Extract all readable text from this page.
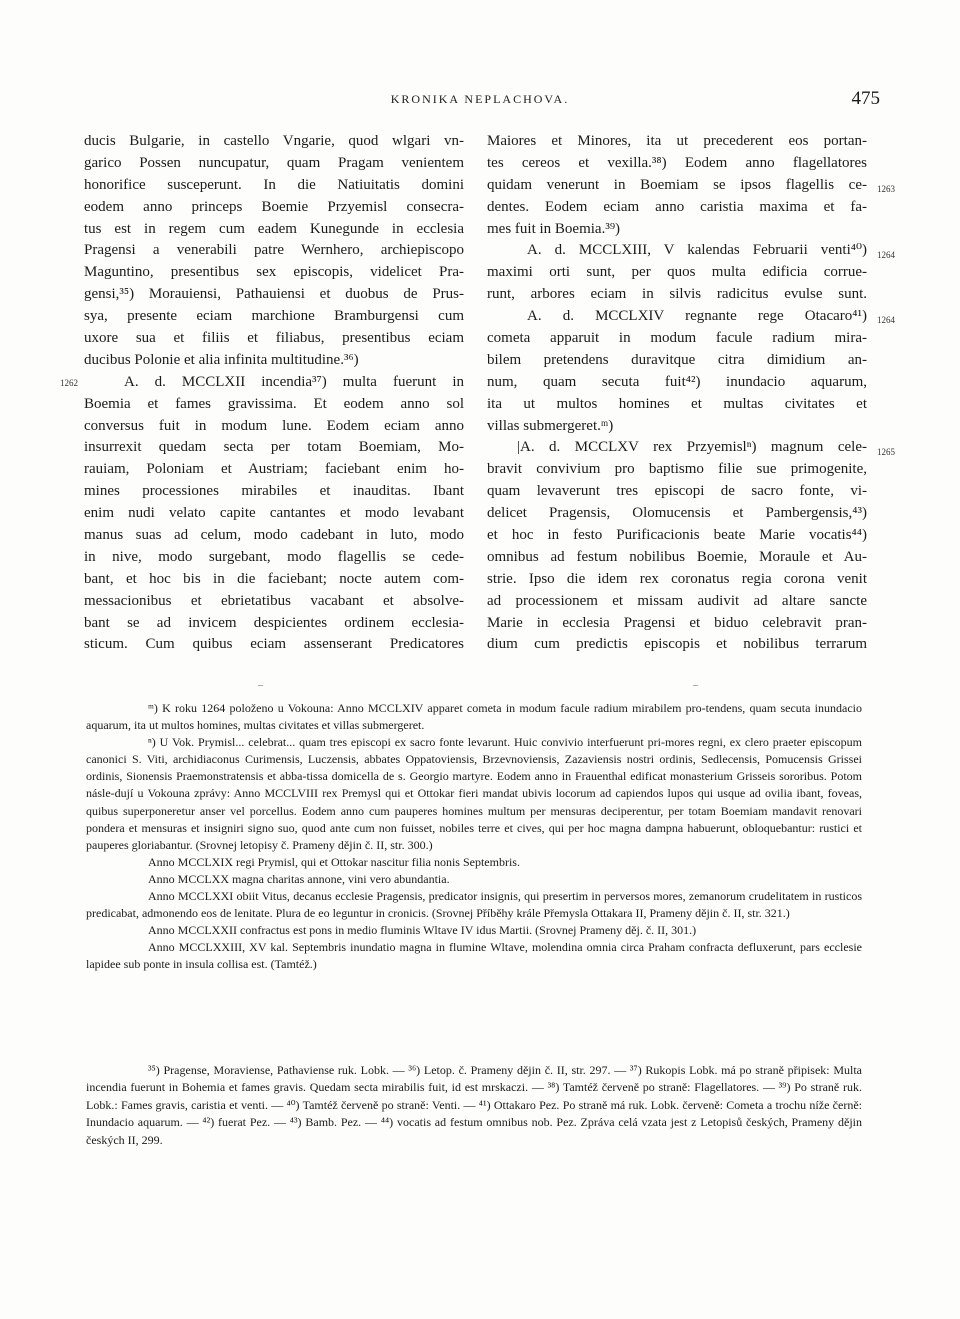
KRONIKA NEPLACHOVA.	475
ducis Bulgarie, in castello Vngarie, quod wlgari vn-
garico Possen nuncupatur, quam Pragam venientem
honorifice susceperunt. In die Natiuitatis domini
eodem anno princeps Boemie Przyemisl consecra-
tus est in regem cum eadem Kunegunde in ecclesia
Pragensi a venerabili patre Wernhero, archiepiscopo
Maguntino, presentibus sex episcopis, videlicet Pra-
gensi,³⁵) Morauiensi, Pathauiensi et duobus de Prus-
sya, presente eciam marchione Bramburgensi cum
uxore sua et filiis et filiabus, presentibus eciam
ducibus Polonie et alia infinita multitudine.³⁶)
A. d. MCCLXII incendia³⁷) multa fuerunt in
Boemia et fames gravissima. Et eodem anno sol
conversus fuit in modum lune. Eodem eciam anno
insurrexit quedam secta per totam Boemiam, Mo-
rauiam, Poloniam et Austriam; faciebant enim ho-
mines processiones mirabiles et inauditas. Ibant
enim nudi velato capite cantantes et modo levabant
manus suas ad celum, modo cadebant in luto, modo
in nive, modo surgebant, modo flagellis se cede-
bant, et hoc bis in die faciebant; nocte autem com-
messacionibus et ebrietatibus vacabant et absolve-
bant se ad invicem despicientes ordinem ecclesia-
sticum. Cum quibus eciam assenserant Predicatores
Maiores et Minores, ita ut precederent eos portan-
tes cereos et vexilla.³⁸) Eodem anno flagellatores
quidam venerunt in Boemiam se ipsos flagellis ce-
dentes. Eodem eciam anno caristia maxima et fa-
mes fuit in Boemia.³⁹)
A. d. MCCLXIII, V kalendas Februarii venti⁴⁰)
maximi orti sunt, per quos multa edificia corrue-
runt, arbores eciam in silvis radicitus evulse sunt.
A. d. MCCLXIV regnante rege Otacaro⁴¹)
cometa apparuit in modum facule radium mira-
bilem pretendens duravitque citra dimidium an-
num, quam secuta fuit⁴²) inundacio aquarum,
ita ut multos homines et multas civitates et
villas submergeret.ᵐ)
|A. d. MCCLXV rex Przyemislⁿ) magnum cele-
bravit convivium pro baptismo filie sue primogenite,
quam levaverunt tres episcopi de sacro fonte, vi-
delicet Pragensis, Olomucensis et Pambergensis,⁴³)
et hoc in festo Purificacionis beate Marie vocatis⁴⁴)
omnibus ad festum nobilibus Boemie, Moraule et Au-
strie. Ipso die idem rex coronatus regia corona venit
ad processionem et missam audivit ad altare sancte
Marie in ecclesia Pragensi et biduo celebravit pran-
dium cum predictis episcopis et nobilibus terrarum
1262
1263
1264
1264
1265
–	–

ᵐ) K roku 1264 položeno u Vokouna: Anno MCCLXIV apparet cometa in modum facule radium mirabilem pro-tendens, quam secuta inundacio aquarum, ita ut multos homines, multas civitates et villas submergeret.

ⁿ) U Vok. Prymisl... celebrat... quam tres episcopi ex sacro fonte levarunt. Huic convivio interfuerunt pri-mores regni, ex clero praeter episcopum canonici S. Viti, archidiaconus Curimensis, Luczensis, abbates Oppatoviensis, Brzevnoviensis, Zazaviensis nostri ordinis, Sedlecensis, Pomucensis Grissei ordinis, Sionensis Praemonstratensis et abba-tissa domicella de s. Georgio martyre. Eodem anno in Frauenthal edificat monasterium Grisseis sororibus. Potom násle-dují u Vokouna zprávy: Anno MCCLVIII rex Premysl qui et Ottokar fieri mandat ubivis locorum ad capiendos lupos qui usque ad ovilia ibant, foveas, quibus superponeretur anser vel porcellus. Eodem anno cum pauperes homines multum per mensuras deciperentur, per totam Boemiam mandavit renovari pondera et mensuras et insigniri signo suo, quod ante cum non fuisset, nobiles terre et cives, qui per hoc magna dampna habuerunt, obloquebantur: rustici et pauperes gloriabantur. (Srovnej letopisy č. Prameny dějin č. II, str. 300.)

Anno MCCLXIX regi Prymisl, qui et Ottokar nascitur filia nonis Septembris.

Anno MCCLXX magna charitas annone, vini vero abundantia.

Anno MCCLXXI obiit Vitus, decanus ecclesie Pragensis, predicator insignis, qui presertim in perversos mores, zemanorum crudelitatem in rusticos predicabat, admonendo eos de lenitate. Plura de eo leguntur in cronicis. (Srovnej Příběhy krále Přemysla Ottakara II, Prameny dějin č. II, str. 321.)

Anno MCCLXXII confractus est pons in medio fluminis Wltave IV idus Martii. (Srovnej Prameny děj. č. II, 301.)

Anno MCCLXXIII, XV kal. Septembris inundatio magna in flumine Wltave, molendina omnia circa Praham confracta defluxerunt, pars ecclesie lapidee sub ponte in insula collisa est. (Tamtéž.)

³⁵) Pragense, Moraviense, Pathaviense ruk. Lobk. — ³⁶) Letop. č. Prameny dějin č. II, str. 297. — ³⁷) Rukopis Lobk. má po straně připisek: Multa incendia fuerunt in Bohemia et fames gravis. Quedam secta mirabilis fuit, id est mrskaczi. — ³⁸) Tamtéž červeně po straně: Flagellatores. — ³⁹) Po straně ruk. Lobk.: Fames gravis, caristia et venti. — ⁴⁰) Tamtéž červeně po straně: Venti. — ⁴¹) Ottakaro Pez. Po straně má ruk. Lobk. červeně: Cometa a trochu níže černě: Inundacio aquarum. — ⁴²) fuerat Pez. — ⁴³) Bamb. Pez. — ⁴⁴) vocatis ad festum omnibus nob. Pez. Zpráva celá vzata jest z Letopisů českých, Prameny dějin českých II, 299.
